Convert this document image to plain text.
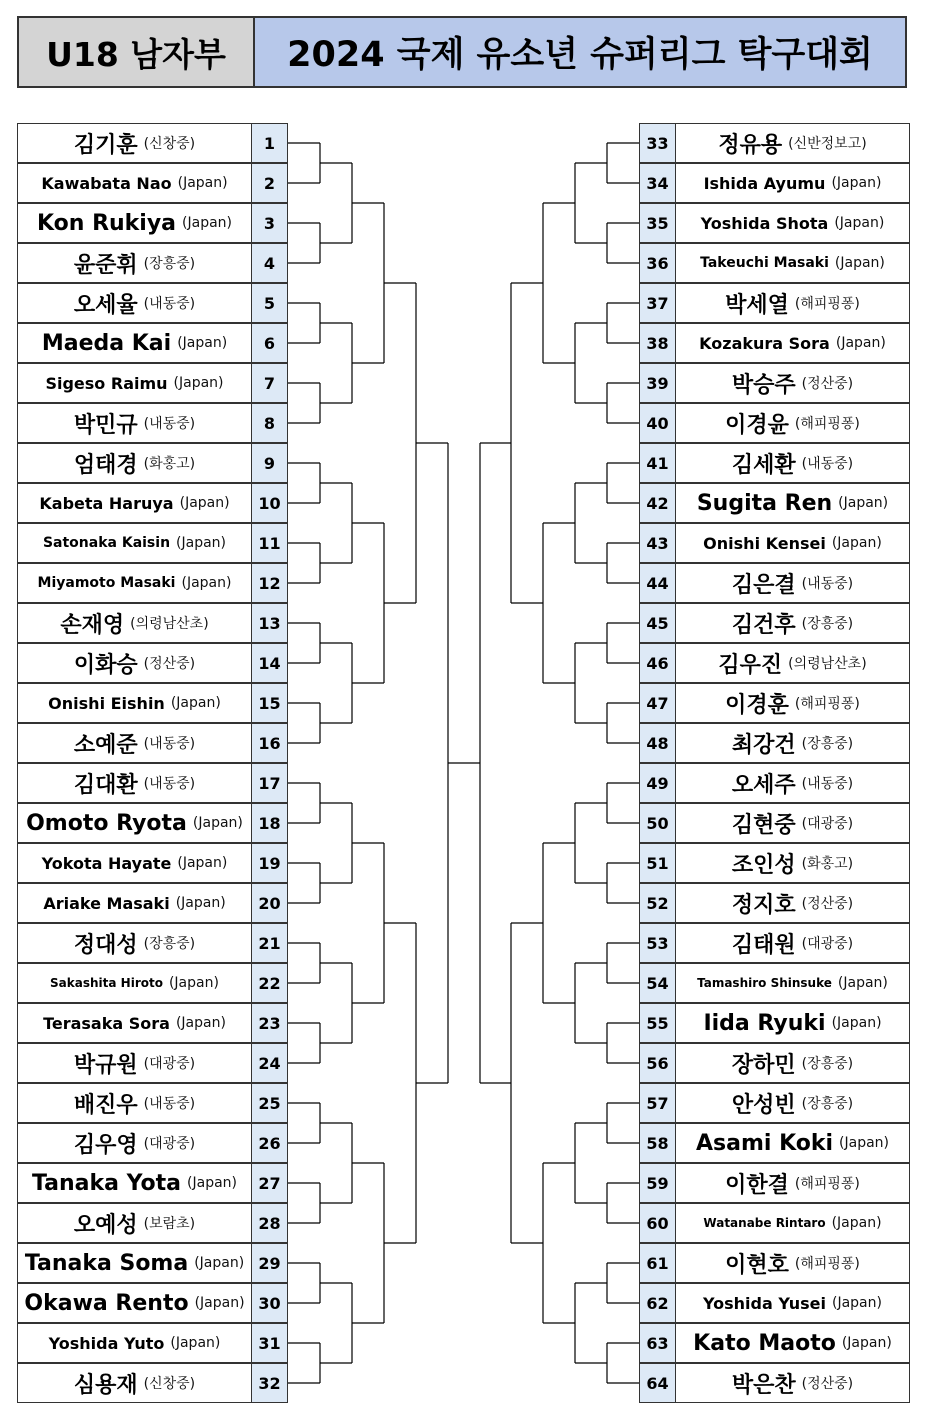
U18 남자부	2024 국제 유소년 슈퍼리그 탁구대회
김기훈 (신창중)	1
Kawabata Nao (Japan)	2
Kon Rukiya (Japan)	3
윤준휘 (장흥중)	4
오세율 (내동중)	5
Maeda Kai (Japan)	6
Sigeso Raimu (Japan)	7
박민규 (내동중)	8
엄태경 (화홍고)	9
Kabeta Haruya (Japan)	10
Satonaka Kaisin (Japan)	11
Miyamoto Masaki (Japan)	12
손재영 (의령남산초)	13
이화승 (정산중)	14
Onishi Eishin (Japan)	15
소예준 (내동중)	16
김대환 (내동중)	17
Omoto Ryota (Japan) 18
Yokota Hayate (Japan)	19
Ariake Masaki (Japan)	20
정대성 (장흥중)	21
Sakashita Hiroto (Japan)	22
Terasaka Sora (Japan)	23
박규원 (대광중)	24
배진우 (내동중)	25
김우영 (대광중)	26
Tanaka Yota (Japan)	27
오예성 (보람초)	28
Tanaka Soma (Japan) 29
Okawa Rento (Japan) 30
Yoshida Yuto (Japan)	31
심용재 (신창중)	32
33	정유용 (신반정보고)
34	Ishida Ayumu (Japan)
35	Yoshida Shota (Japan)
36	Takeuchi Masaki (Japan)
37	박세열 (해피핑퐁)
38	Kozakura Sora (Japan)
39	박승주 (정산중)
40	이경윤 (해피핑퐁)
41	김세환 (내동중)
42	Sugita Ren (Japan)
43	Onishi Kensei (Japan)
44	김은결 (내동중)
45	김건후 (장흥중)
46	김우진 (의령남산초)
47	이경훈 (해피핑퐁)
48	최강건 (장흥중)
49	오세주 (내동중)
50	김현중 (대광중)
51	조인성 (화홍고)
52	정지호 (정산중)
53	김태원 (대광중)
54	Tamashiro Shinsuke (Japan)
55	Iida Ryuki (Japan)
56	장하민 (장흥중)
57	안성빈 (장흥중)
58	Asami Koki (Japan)
59	이한결 (해피핑퐁)
60	Watanabe Rintaro (Japan)
61	이현호 (해피핑퐁)
62	Yoshida Yusei (Japan)
63	Kato Maoto (Japan)
64	박은찬 (정산중)
